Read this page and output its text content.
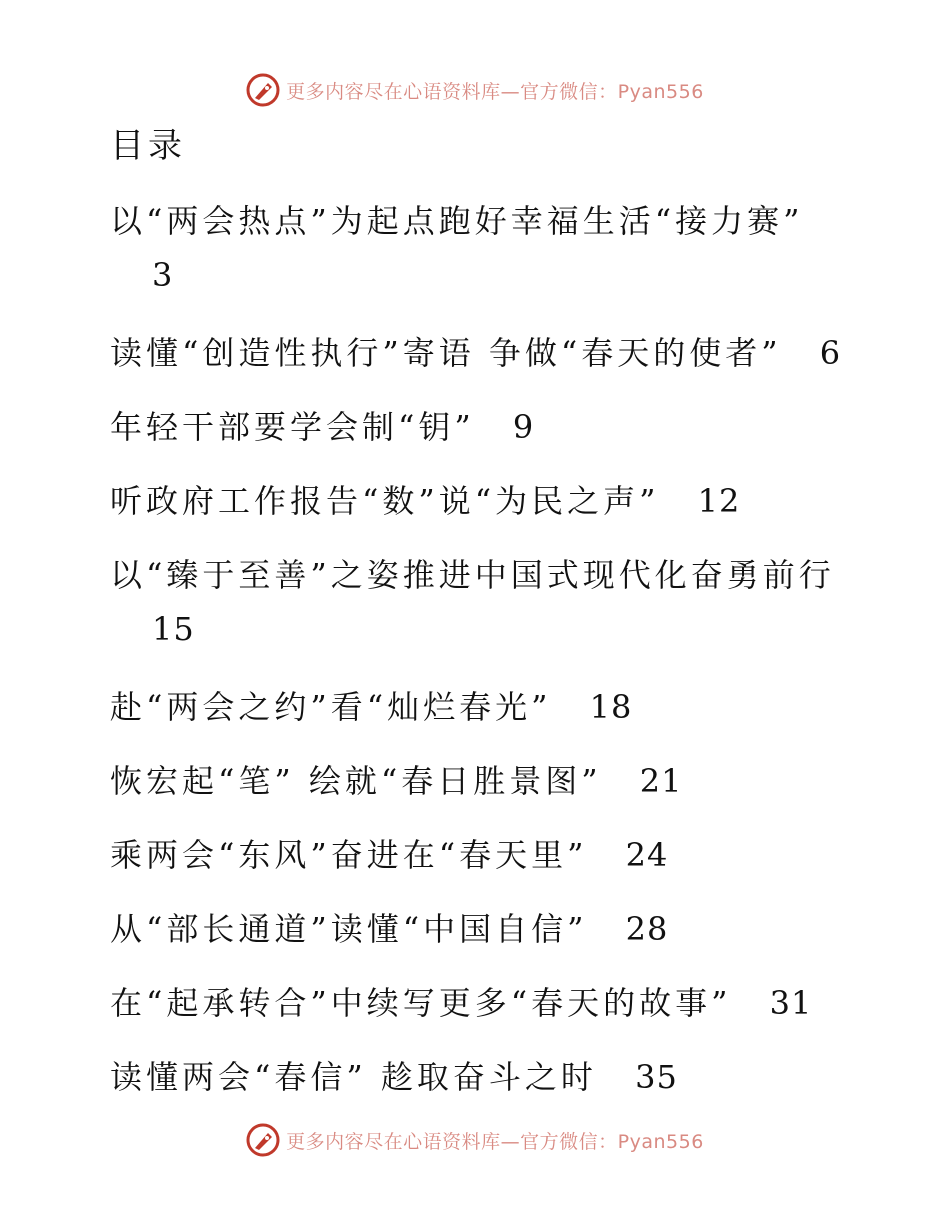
更多内容尽在心语资料库—官方微信：Pyan556
目录
以“两会热点”为起点跑好幸福生活“接力赛”
3
读懂“创造性执行”寄语 争做“春天的使者” 6
年轻干部要学会制“钥” 9
听政府工作报告“数”说“为民之声” 12
以“臻于至善”之姿推进中国式现代化奋勇前行
15
赴“两会之约”看“灿烂春光” 18
恢宏起“笔” 绘就“春日胜景图” 21
乘两会“东风”奋进在“春天里” 24
从“部长通道”读懂“中国自信” 28
在“起承转合”中续写更多“春天的故事” 31
读懂两会“春信” 趁取奋斗之时 35
更多内容尽在心语资料库—官方微信：Pyan556
